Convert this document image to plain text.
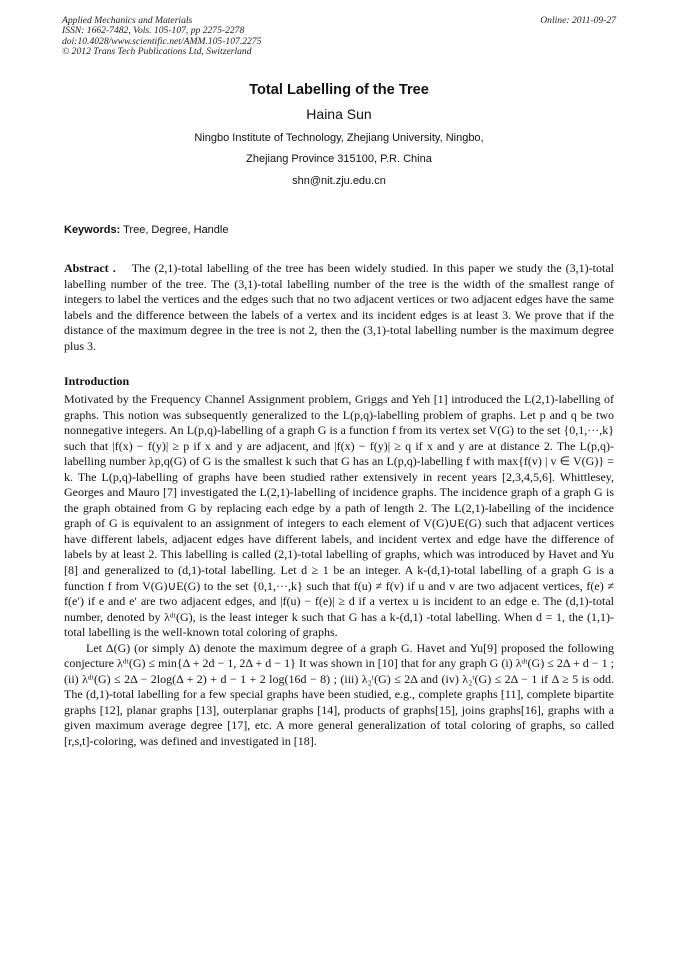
Applied Mechanics and Materials
ISSN: 1662-7482, Vols. 105-107, pp 2275-2278
doi:10.4028/www.scientific.net/AMM.105-107.2275
© 2012 Trans Tech Publications Ltd, Switzerland
Online: 2011-09-27
Total Labelling of the Tree
Haina Sun
Ningbo Institute of Technology, Zhejiang University, Ningbo,
Zhejiang Province 315100, P.R. China
shn@nit.zju.edu.cn
Keywords: Tree, Degree, Handle
Abstract . The (2,1)-total labelling of the tree has been widely studied. In this paper we study the (3,1)-total labelling number of the tree. The (3,1)-total labelling number of the tree is the width of the smallest range of integers to label the vertices and the edges such that no two adjacent vertices or two adjacent edges have the same labels and the difference between the labels of a vertex and its incident edges is at least 3. We prove that if the distance of the maximum degree in the tree is not 2, then the (3,1)-total labelling number is the maximum degree plus 3.
Introduction
Motivated by the Frequency Channel Assignment problem, Griggs and Yeh [1] introduced the L(2,1)-labelling of graphs. This notion was subsequently generalized to the L(p,q)-labelling problem of graphs. Let p and q be two nonnegative integers. An L(p,q)-labelling of a graph G is a function f from its vertex set V(G) to the set {0,1,···,k} such that |f(x) − f(y)| ≥ p if x and y are adjacent, and |f(x) − f(y)| ≥ q if x and y are at distance 2. The L(p,q)-labelling number λp,q(G) of G is the smallest k such that G has an L(p,q)-labelling f with max{f(v) | v ∈ V(G)} = k. The L(p,q)-labelling of graphs have been studied rather extensively in recent years [2,3,4,5,6]. Whittlesey, Georges and Mauro [7] investigated the L(2,1)-labelling of incidence graphs. The incidence graph of a graph G is the graph obtained from G by replacing each edge by a path of length 2. The L(2,1)-labelling of the incidence graph of G is equivalent to an assignment of integers to each element of V(G)∪E(G) such that adjacent vertices have different labels, adjacent edges have different labels, and incident vertex and edge have the difference of labels by at least 2. This labelling is called (2,1)-total labelling of graphs, which was introduced by Havet and Yu [8] and generalized to (d,1)-total labelling. Let d ≥ 1 be an integer. A k-(d,1)-total labelling of a graph G is a function f from V(G)∪E(G) to the set {0,1,···,k} such that f(u) ≠ f(v) if u and v are two adjacent vertices, f(e) ≠ f(e′) if e and e′ are two adjacent edges, and |f(u) − f(e)| ≥ d if a vertex u is incident to an edge e. The (d,1)-total number, denoted by λᵈᵗ(G), is the least integer k such that G has a k-(d,1) -total labelling. When d = 1, the (1,1)-total labelling is the well-known total coloring of graphs.
Let Δ(G) (or simply Δ) denote the maximum degree of a graph G. Havet and Yu[9] proposed the following conjecture λᵈᵗ(G) ≤ min{Δ + 2d − 1, 2Δ + d − 1} It was shown in [10] that for any graph G (i) λᵈᵗ(G) ≤ 2Δ + d − 1 ; (ii) λᵈᵗ(G) ≤ 2Δ − 2log(Δ + 2) + d − 1 + 2 log(16d − 8) ; (iii) λ₂ᵗ(G) ≤ 2Δ and (iv) λ₂ᵗ(G) ≤ 2Δ − 1 if Δ ≥ 5 is odd. The (d,1)-total labelling for a few special graphs have been studied, e.g., complete graphs [11], complete bipartite graphs [12], planar graphs [13], outerplanar graphs [14], products of graphs[15], joins graphs[16], graphs with a given maximum average degree [17], etc. A more general generalization of total coloring of graphs, so called [r,s,t]-coloring, was defined and investigated in [18].
